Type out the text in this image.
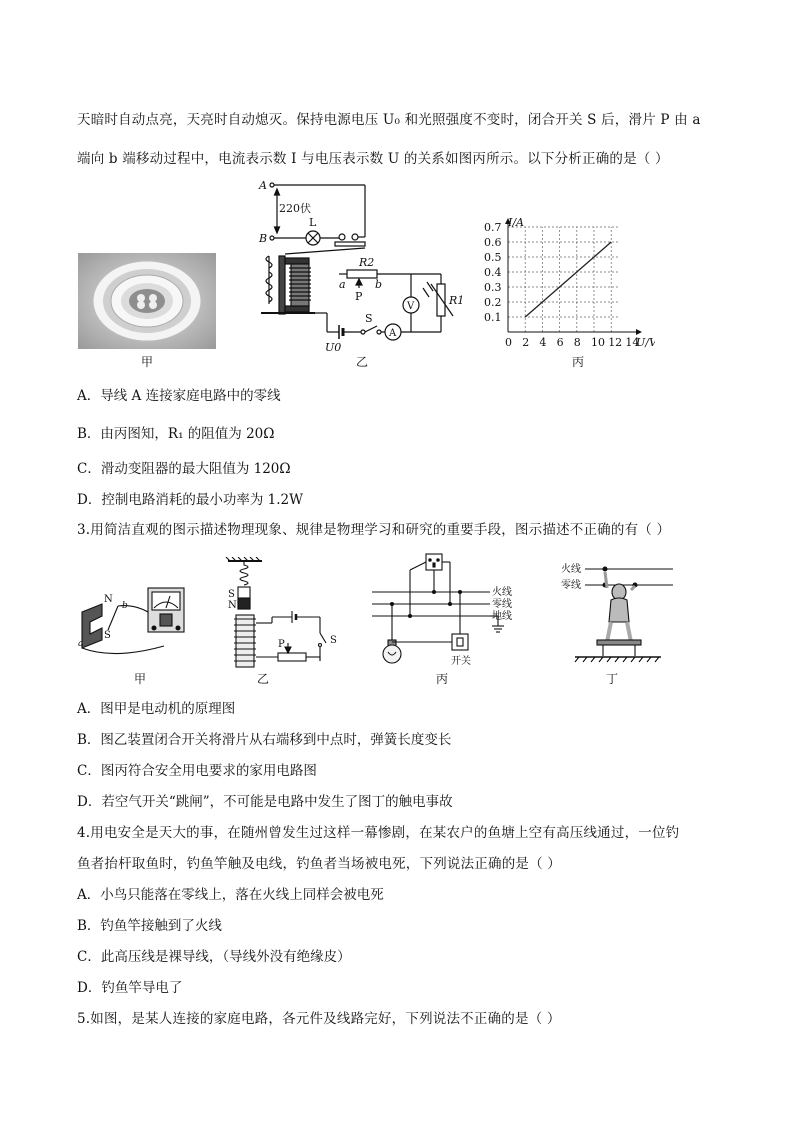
天暗时自动点亮，天亮时自动熄灭。保持电源电压 U₀ 和光照强度不变时，闭合开关 S 后，滑片 P 由 a
端向 b 端移动过程中，电流表示数 I 与电压表示数 U 的关系如图丙所示。以下分析正确的是（ ）
甲
A
B
220伏
L
R2
a	b
P	R1
V
U0
S
A
乙
0 2 4 6 8 10 12 14
0.1
0.2
0.3
0.4
0.5
0.6
0.7 I/A
U/V
丙
A．导线 A 连接家庭电路中的零线
B．由丙图知，R₁ 的阻值为 20Ω
C．滑动变阻器的最大阻值为 120Ω
D．控制电路消耗的最小功率为 1.2W
3.用简洁直观的图示描述物理现象、规律是物理学习和研究的重要手段，图示描述不正确的有（ ）
N
S
a
b
甲
S
N
S
P
乙
火线
零线
地线
开关
丙
火线
零线
丁
A．图甲是电动机的原理图
B．图乙装置闭合开关将滑片从右端移到中点时，弹簧长度变长
C．图丙符合安全用电要求的家用电路图
D．若空气开关“跳闸”，不可能是电路中发生了图丁的触电事故
4.用电安全是天大的事，在随州曾发生过这样一幕惨剧，在某农户的鱼塘上空有高压线通过，一位钓
鱼者抬杆取鱼时，钓鱼竿触及电线，钓鱼者当场被电死，下列说法正确的是（ ）
A．小鸟只能落在零线上，落在火线上同样会被电死
B．钓鱼竿接触到了火线
C．此高压线是裸导线，（导线外没有绝缘皮）
D．钓鱼竿导电了
5.如图，是某人连接的家庭电路，各元件及线路完好，下列说法不正确的是（ ）
